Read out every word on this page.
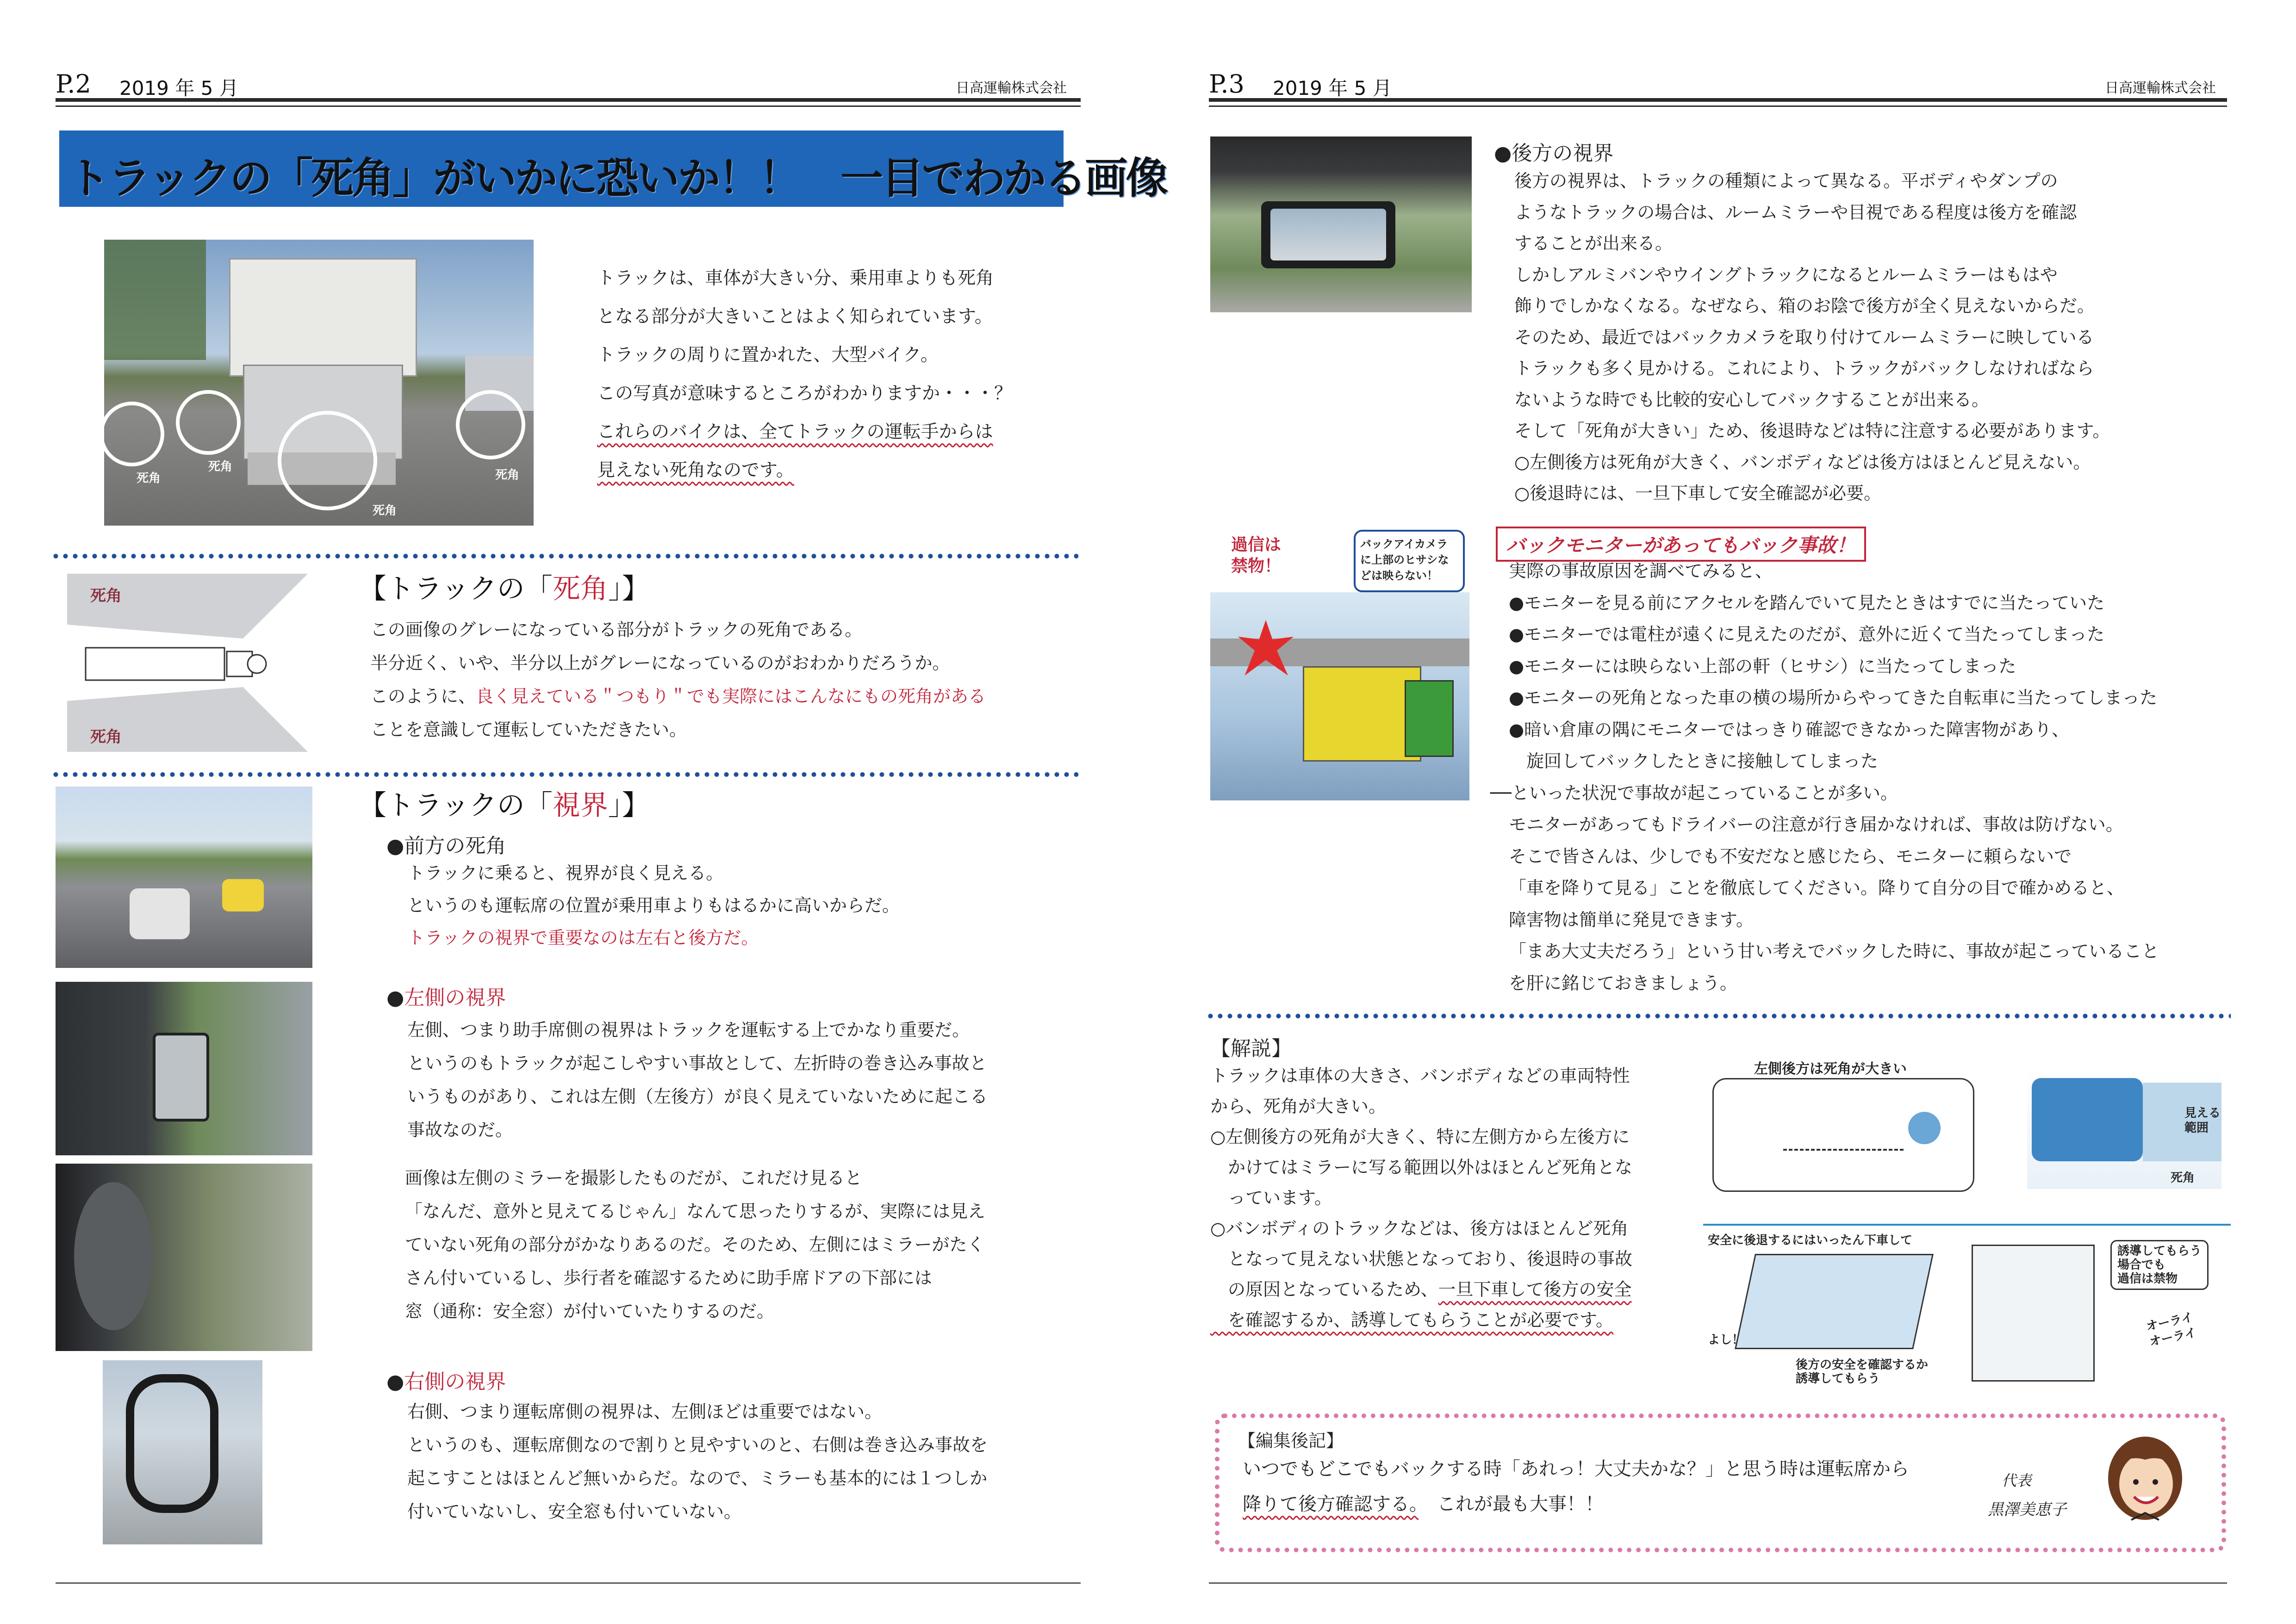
P.2 2019 年 5 月	日高運輸株式会社
トラックの「死角」がいかに恐いか！！　一目でわかる画像
死角
死角
死角
死角
トラックは、車体が大きい分、乗用車よりも死角
となる部分が大きいことはよく知られています。
トラックの周りに置かれた、大型バイク。
この写真が意味するところがわかりますか・・・？
これらのバイクは、全てトラックの運転手からは
見えない死角なのです。
死角
死角
【トラックの「死角」】
この画像のグレーになっている部分がトラックの死角である。
半分近く、いや、半分以上がグレーになっているのがおわかりだろうか。
このように、良く見えている＂つもり＂でも実際にはこんなにもの死角がある
ことを意識して運転していただきたい。
【トラックの「視界」】
●前方の死角
トラックに乗ると、視界が良く見える。
というのも運転席の位置が乗用車よりもはるかに高いからだ。
トラックの視界で重要なのは左右と後方だ。
●左側の視界
左側、つまり助手席側の視界はトラックを運転する上でかなり重要だ。
というのもトラックが起こしやすい事故として、左折時の巻き込み事故と
いうものがあり、これは左側（左後方）が良く見えていないために起こる
事故なのだ。
画像は左側のミラーを撮影したものだが、これだけ見ると
「なんだ、意外と見えてるじゃん」なんて思ったりするが、実際には見え
ていない死角の部分がかなりあるのだ。そのため、左側にはミラーがたく
さん付いているし、歩行者を確認するために助手席ドアの下部には
窓（通称：安全窓）が付いていたりするのだ。
●右側の視界
右側、つまり運転席側の視界は、左側ほどは重要ではない。
というのも、運転席側なので割りと見やすいのと、右側は巻き込み事故を
起こすことはほとんど無いからだ。なので、ミラーも基本的には１つしか
付いていないし、安全窓も付いていない。
P.3 2019 年 5 月	日高運輸株式会社
●後方の視界
後方の視界は、トラックの種類によって異なる。平ボディやダンプの
ようなトラックの場合は、ルームミラーや目視である程度は後方を確認
することが出来る。
しかしアルミバンやウイングトラックになるとルームミラーはもはや
飾りでしかなくなる。なぜなら、箱のお陰で後方が全く見えないからだ。
そのため、最近ではバックカメラを取り付けてルームミラーに映している
トラックも多く見かける。これにより、トラックがバックしなければなら
ないような時でも比較的安心してバックすることが出来る。
そして「死角が大きい」ため、後退時などは特に注意する必要があります。
○左側後方は死角が大きく、バンボディなどは後方はほとんど見えない。
○後退時には、一旦下車して安全確認が必要。
過信は
禁物！
バックアイカメラ
に上部のヒサシな
どは映らない！
バックモニターがあってもバック事故！
実際の事故原因を調べてみると、
●モニターを見る前にアクセルを踏んでいて見たときはすでに当たっていた
●モニターでは電柱が遠くに見えたのだが、意外に近くて当たってしまった
●モニターには映らない上部の軒（ヒサシ）に当たってしまった
●モニターの死角となった車の横の場所からやってきた自転車に当たってしまった
●暗い倉庫の隅にモニターではっきり確認できなかった障害物があり、
　旋回してバックしたときに接触してしまった
──といった状況で事故が起こっていることが多い。
モニターがあってもドライバーの注意が行き届かなければ、事故は防げない。
そこで皆さんは、少しでも不安だなと感じたら、モニターに頼らないで
「車を降りて見る」ことを徹底してください。降りて自分の目で確かめると、
障害物は簡単に発見できます。
「まあ大丈夫だろう」という甘い考えでバックした時に、事故が起こっていること
を肝に銘じておきましょう。
【解説】
トラックは車体の大きさ、バンボディなどの車両特性
から、死角が大きい。
○左側後方の死角が大きく、特に左側方から左後方に
　かけてはミラーに写る範囲以外はほとんど死角とな
　っています。
○バンボディのトラックなどは、後方はほとんど死角
　となって見えない状態となっており、後退時の事故
　の原因となっているため、一旦下車して後方の安全
　を確認するか、誘導してもらうことが必要です。
左側後方は死角が大きい
見える
範囲
死角
安全に後退するにはいったん下車して
後方の安全を確認するか
誘導してもらう
よし！
誘導してもらう
場合でも
過信は禁物
オーライ
オーライ
【編集後記】
いつでもどこでもバックする時「あれっ！大丈夫かな？」と思う時は運転席から
降りて後方確認する。　これが最も大事！！
代表
黒澤美恵子
